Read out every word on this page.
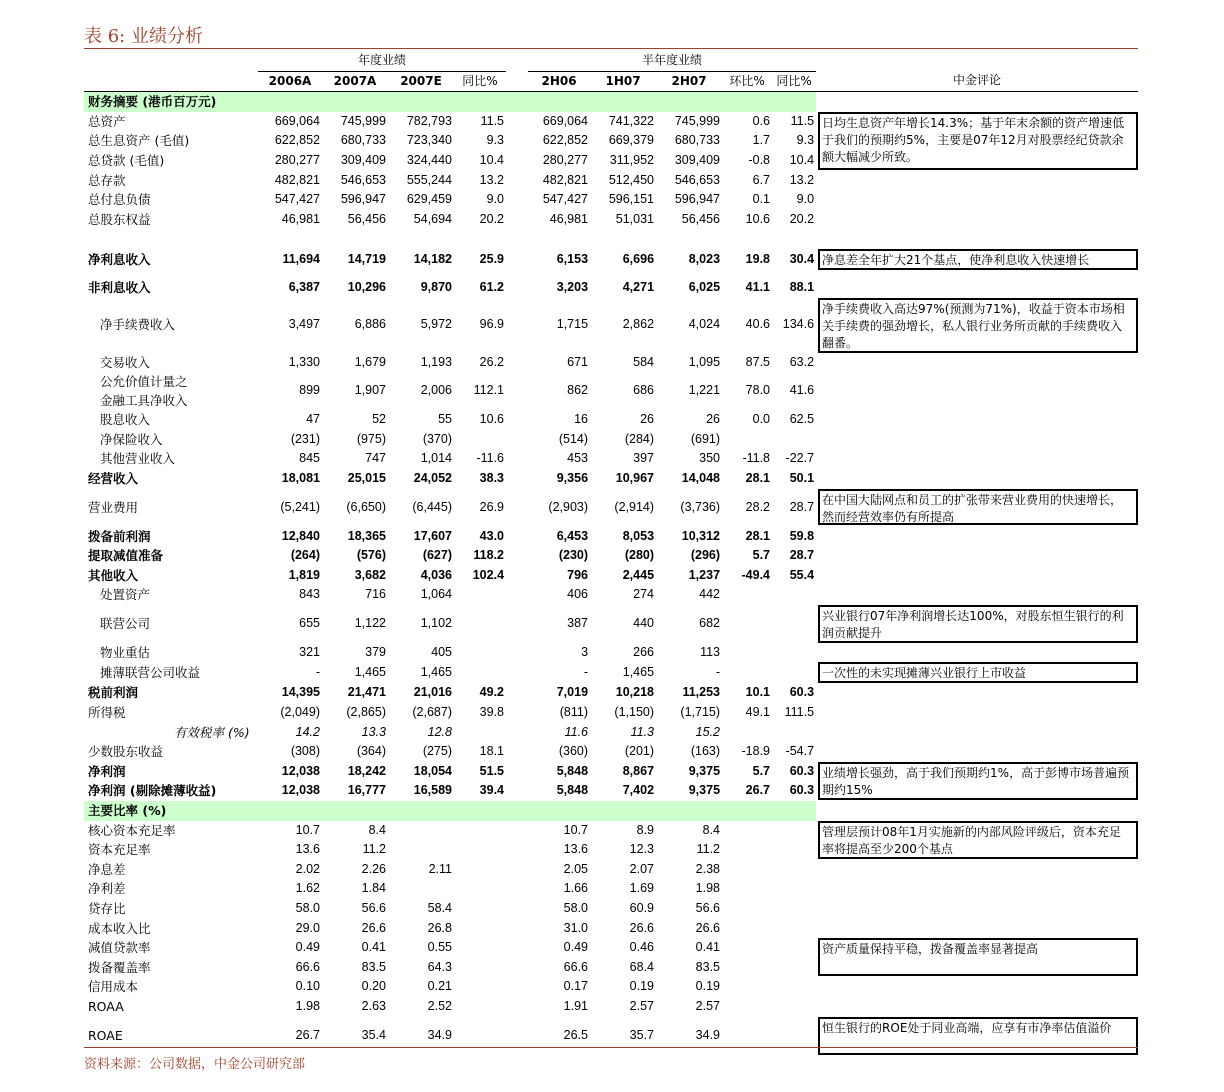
表 6: 业绩分析
	年度业绩					半年度业绩					
	2006A	2007A	2007E	同比%		2H06	1H07	2H07	环比%	同比%	中金评论
财务摘要 (港币百万元)											
总资产	669,064	745,999	782,793	11.5		669,064	741,322	745,999	0.6	11.5	日均生息资产年增长14.3%；基于年末余额的资产增速低于我们的预期约5%，主要是07年12月对股票经纪贷款余额大幅减少所致。

总生息资产 (毛值)	622,852	680,733	723,340	9.3		622,852	669,379	680,733	1.7	9.3	
总贷款 (毛值)	280,277	309,409	324,440	10.4		280,277	311,952	309,409	-0.8	10.4	
总存款	482,821	546,653	555,244	13.2		482,821	512,450	546,653	6.7	13.2	
总付息负债	547,427	596,947	629,459	9.0		547,427	596,151	596,947	0.1	9.0	
总股东权益	46,981	56,456	54,694	20.2		46,981	51,031	56,456	10.6	20.2	

净利息收入	11,694	14,719	14,182	25.9		6,153	6,696	8,023	19.8	30.4	净息差全年扩大21个基点，使净利息收入快速增长

非利息收入	6,387	10,296	9,870	61.2		3,203	4,271	6,025	41.1	88.1	
净手续费收入	3,497	6,886	5,972	96.9		1,715	2,862	4,024	40.6	134.6	净手续费收入高达97%(预测为71%)，收益于资本市场相关手续费的强劲增长，私人银行业务所贡献的手续费收入翻番。

交易收入	1,330	1,679	1,193	26.2		671	584	1,095	87.5	63.2	

公允价值计量之
金融工具净收入	899	1,907	2,006	112.1		862	686	1,221	78.0	41.6	
股息收入	47	52	55	10.6		16	26	26	0.0	62.5	
净保险收入	(231)	(975)	(370)			(514)	(284)	(691)			
其他营业收入	845	747	1,014	-11.6		453	397	350	-11.8	-22.7	
经营收入	18,081	25,015	24,052	38.3		9,356	10,967	14,048	28.1	50.1	
营业费用	(5,241)	(6,650)	(6,445)	26.9		(2,903)	(2,914)	(3,736)	28.2	28.7	在中国大陆网点和员工的扩张带来营业费用的快速增长，然而经营效率仍有所提高

拨备前利润	12,840	18,365	17,607	43.0		6,453	8,053	10,312	28.1	59.8	
提取减值准备	(264)	(576)	(627)	118.2		(230)	(280)	(296)	5.7	28.7	
其他收入	1,819	3,682	4,036	102.4		796	2,445	1,237	-49.4	55.4	
处置资产	843	716	1,064			406	274	442			
联营公司	655	1,122	1,102			387	440	682			兴业银行07年净利润增长达100%，对股东恒生银行的利润贡献提升

物业重估	321	379	405			3	266	113			
摊薄联营公司收益	-	1,465	1,465			-	1,465	-			一次性的未实现摊薄兴业银行上市收益

税前利润	14,395	21,471	21,016	49.2		7,019	10,218	11,253	10.1	60.3	
所得税	(2,049)	(2,865)	(2,687)	39.8		(811)	(1,150)	(1,715)	49.1	111.5	
有效税率 (%)	14.2	13.3	12.8			11.6	11.3	15.2			
少数股东收益	(308)	(364)	(275)	18.1		(360)	(201)	(163)	-18.9	-54.7	
净利润	12,038	18,242	18,054	51.5		5,848	8,867	9,375	5.7	60.3	业绩增长强劲，高于我们预期约1%，高于彭博市场普遍预期约15%

净利润 (剔除摊薄收益)	12,038	16,777	16,589	39.4		5,848	7,402	9,375	26.7	60.3	
主要比率 (%)											
核心资本充足率	10.7	8.4				10.7	8.9	8.4			管理层预计08年1月实施新的内部风险评级后，资本充足率将提高至少200个基点

资本充足率	13.6	11.2				13.6	12.3	11.2			
净息差	2.02	2.26	2.11			2.05	2.07	2.38			
净利差	1.62	1.84				1.66	1.69	1.98			
贷存比	58.0	56.6	58.4			58.0	60.9	56.6			
成本收入比	29.0	26.6	26.8			31.0	26.6	26.6			
减值贷款率	0.49	0.41	0.55			0.49	0.46	0.41			资产质量保持平稳，拨备覆盖率显著提高

拨备覆盖率	66.6	83.5	64.3			66.6	68.4	83.5			
信用成本	0.10	0.20	0.21			0.17	0.19	0.19			
ROAA	1.98	2.63	2.52			1.91	2.57	2.57			
ROAE	26.7	35.4	34.9			26.5	35.7	34.9			恒生银行的ROE处于同业高端，应享有市净率估值溢价
资料来源：公司数据，中金公司研究部
